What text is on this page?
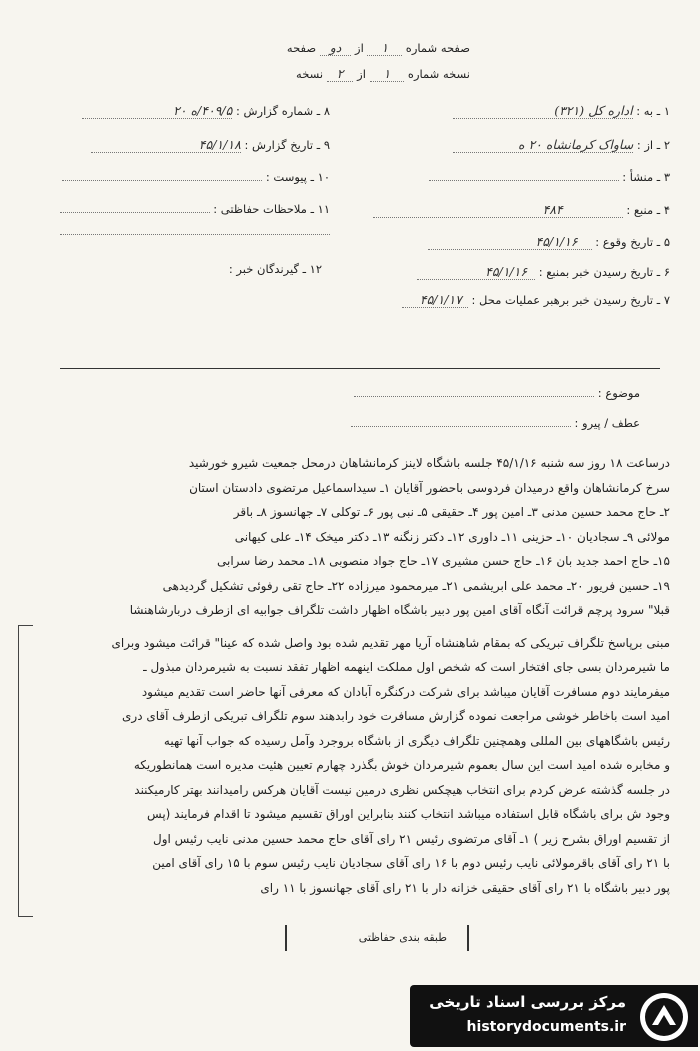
صفحه شماره ۱ از دو صفحه
نسخه شماره ۱ از ۲ نسخه
۱ ـ به : اداره کل (۳۲۱)
۲ ـ از : ساواک کرمانشاه ۲۰ ه
۳ ـ منشأ :
۴ ـ منبع : ۴۸۴
۵ ـ تاریخ وقوع : ۴۵/۱/۱۶
۶ ـ تاریخ رسیدن خبر بمنبع : ۴۵/۱/۱۶
۷ ـ تاریخ رسیدن خبر برهبر عملیات محل : ۴۵/۱/۱۷
۸ ـ شماره گزارش : ۴۰۹/۵/ه ۲۰
۹ ـ تاریخ گزارش : ۴۵/۱/۱۸
۱۰ ـ پیوست :
۱۱ ـ ملاحظات حفاظتی :
۱۲ ـ گیرندگان خبر :
موضوع :
عطف / پیرو :
درساعت ۱۸ روز سه شنبه ۴۵/۱/۱۶ جلسه باشگاه لاینز کرمانشاهان درمحل جمعیت شیرو خورشید
سرخ کرمانشاهان واقع درمیدان فردوسی باحضور آقایان ۱ـ سیداسماعیل مرتضوی دادستان استان
۲ـ حاج محمد حسین مدنی ۳ـ امین پور ۴ـ حقیقی ۵ـ نبی پور ۶ـ توکلی ۷ـ جهانسوز ۸ـ باقر
مولائی ۹ـ سجادیان ۱۰ـ حزینی ۱۱ـ داوری ۱۲ـ دکتر زنگنه ۱۳ـ دکتر میخک ۱۴ـ علی کیهانی
۱۵ـ حاج احمد جدید بان ۱۶ـ حاج حسن مشیری ۱۷ـ حاج جواد منصوبی ۱۸ـ محمد رضا سرابی
۱۹ـ حسین فریور ۲۰ـ محمد علی ابریشمی ۲۱ـ میرمحمود میرزاده ۲۲ـ حاج تقی رفوئی تشکیل گردیدهی
قبلا" سرود پرچم قرائت آنگاه آقای امین پور دبیر باشگاه اظهار داشت تلگراف جوابیه ای ازطرف دربارشاهنشا
مبنی برپاسخ تلگراف تبریکی که بمقام شاهنشاه آریا مهر تقدیم شده بود واصل شده که عینا" قرائت میشود وبرای
ما شیرمردان بسی جای افتخار است که شخص اول مملکت اینهمه اظهار تفقد نسبت به شیرمردان مبذول ـ
میفرمایند دوم مسافرت آقایان میباشد برای شرکت درکنگره آبادان که معرفی آنها حاضر است تقدیم میشود
امید است باخاطر خوشی مراجعت نموده گزارش مسافرت خود رابدهند سوم تلگراف تبریکی ازطرف آقای دری
رئیس باشگاههای بین المللی وهمچنین تلگراف دیگری از باشگاه بروجرد وآمل رسیده که جواب آنها تهیه
و مخابره شده امید است این سال بعموم شیرمردان خوش بگذرد چهارم تعیین هئیت مدیره است همانطوریکه
در جلسه گذشته عرض کردم برای انتخاب هیچکس نظری درمین نیست آقایان هرکس رامیدانند بهتر کارمیکنند
وجود ش برای باشگاه قابل استفاده میباشد انتخاب کنند بنابراین اوراق تقسیم میشود تا اقدام فرمایند (پس
از تقسیم اوراق بشرح زیر ) ۱ـ آقای مرتضوی رئیس ۲۱ رای آقای حاج محمد حسین مدنی نایب رئیس اول
با ۲۱ رای آقای باقرمولائی نایب رئیس دوم با ۱۶ رای آقای سجادیان نایب رئیس سوم با ۱۵ رای آقای امین
پور دبیر باشگاه با ۲۱ رای آقای حقیقی خزانه دار با ۲۱ رای آقای جهانسوز با ۱۱ رای
طبقه بندی حفاظتی
مرکز بررسی اسناد تاریخی
historydocuments.ir
